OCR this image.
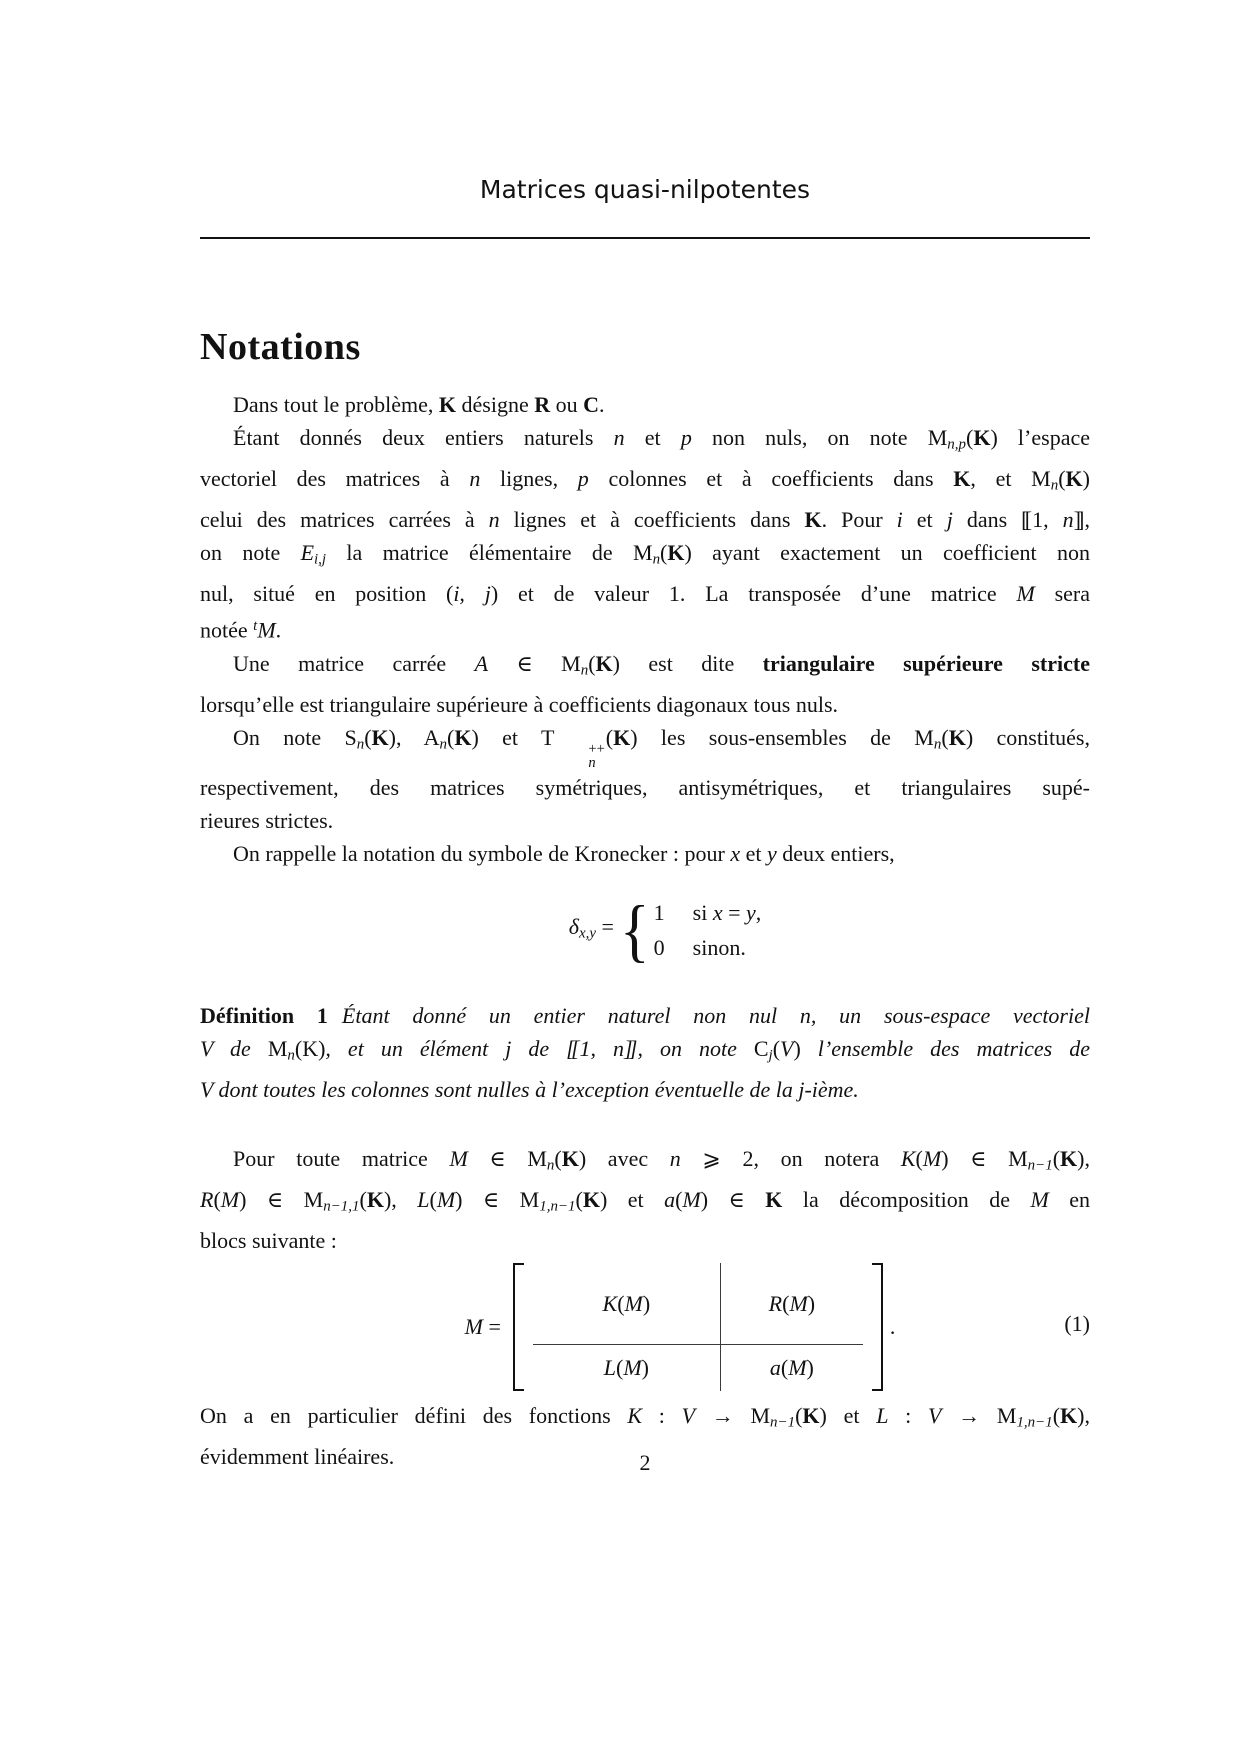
Matrices quasi-nilpotentes
Notations
Dans tout le problème, K désigne R ou C.
Étant donnés deux entiers naturels n et p non nuls, on note $M_{n,p}(K)$ l’espace
vectoriel des matrices à n lignes, p colonnes et à coefficients dans K, et $M_n(K)$
celui des matrices carrées à n lignes et à coefficients dans K. Pour i et j dans [[ 1, n]] ,
on note $E_{i,j}$ la matrice élémentaire de $M_n(K)$ ayant exactement un coefficient non
nul, situé en position (i, j) et de valeur 1. La transposée d’une matrice M sera
notée $^t$M.
Une matrice carrée A ∈ $M_n(K)$ est dite triangulaire supérieure stricte
lorsqu’elle est triangulaire supérieure à coefficients diagonaux tous nuls.
On note $S_n(K)$, $A_n(K)$ et T	++
n
(K) les sous-ensembles de $M_n(K)$ constitués,
respectivement, des matrices symétriques, antisymétriques, et triangulaires supé-
rieures strictes.
On rappelle la notation du symbole de Kronecker : pour x et y deux entiers,
$\delta_{x,y}$ = { 1 si x = y,
0 sinon.
Définition 1 Étant donné un entier naturel non nul n, un sous-espace vectoriel
V de $M_n(K)$, et un élément j de [[ 1, n]] , on note $C_j(V)$ l’ensemble des matrices de
V dont toutes les colonnes sont nulles à l’exception éventuelle de la j-ième.
Pour toute matrice M ∈ $M_n(K)$ avec n ⩾ 2, on notera K(M) ∈ $M_{n-1}(K)$,
R(M) ∈ $M_{n-1,1}(K)$, L(M) ∈ $M_{1,n-1}(K)$ et a(M) ∈ K la décomposition de M en
blocs suivante :
M =
K ( M )	R ( M )
L ( M )	a ( M )
.	(1)
On a en particulier défini des fonctions K : $V \to M_{n-1}(K)$ et L : $V \to M_{1,n-1}(K)$,
évidemment linéaires.	2
